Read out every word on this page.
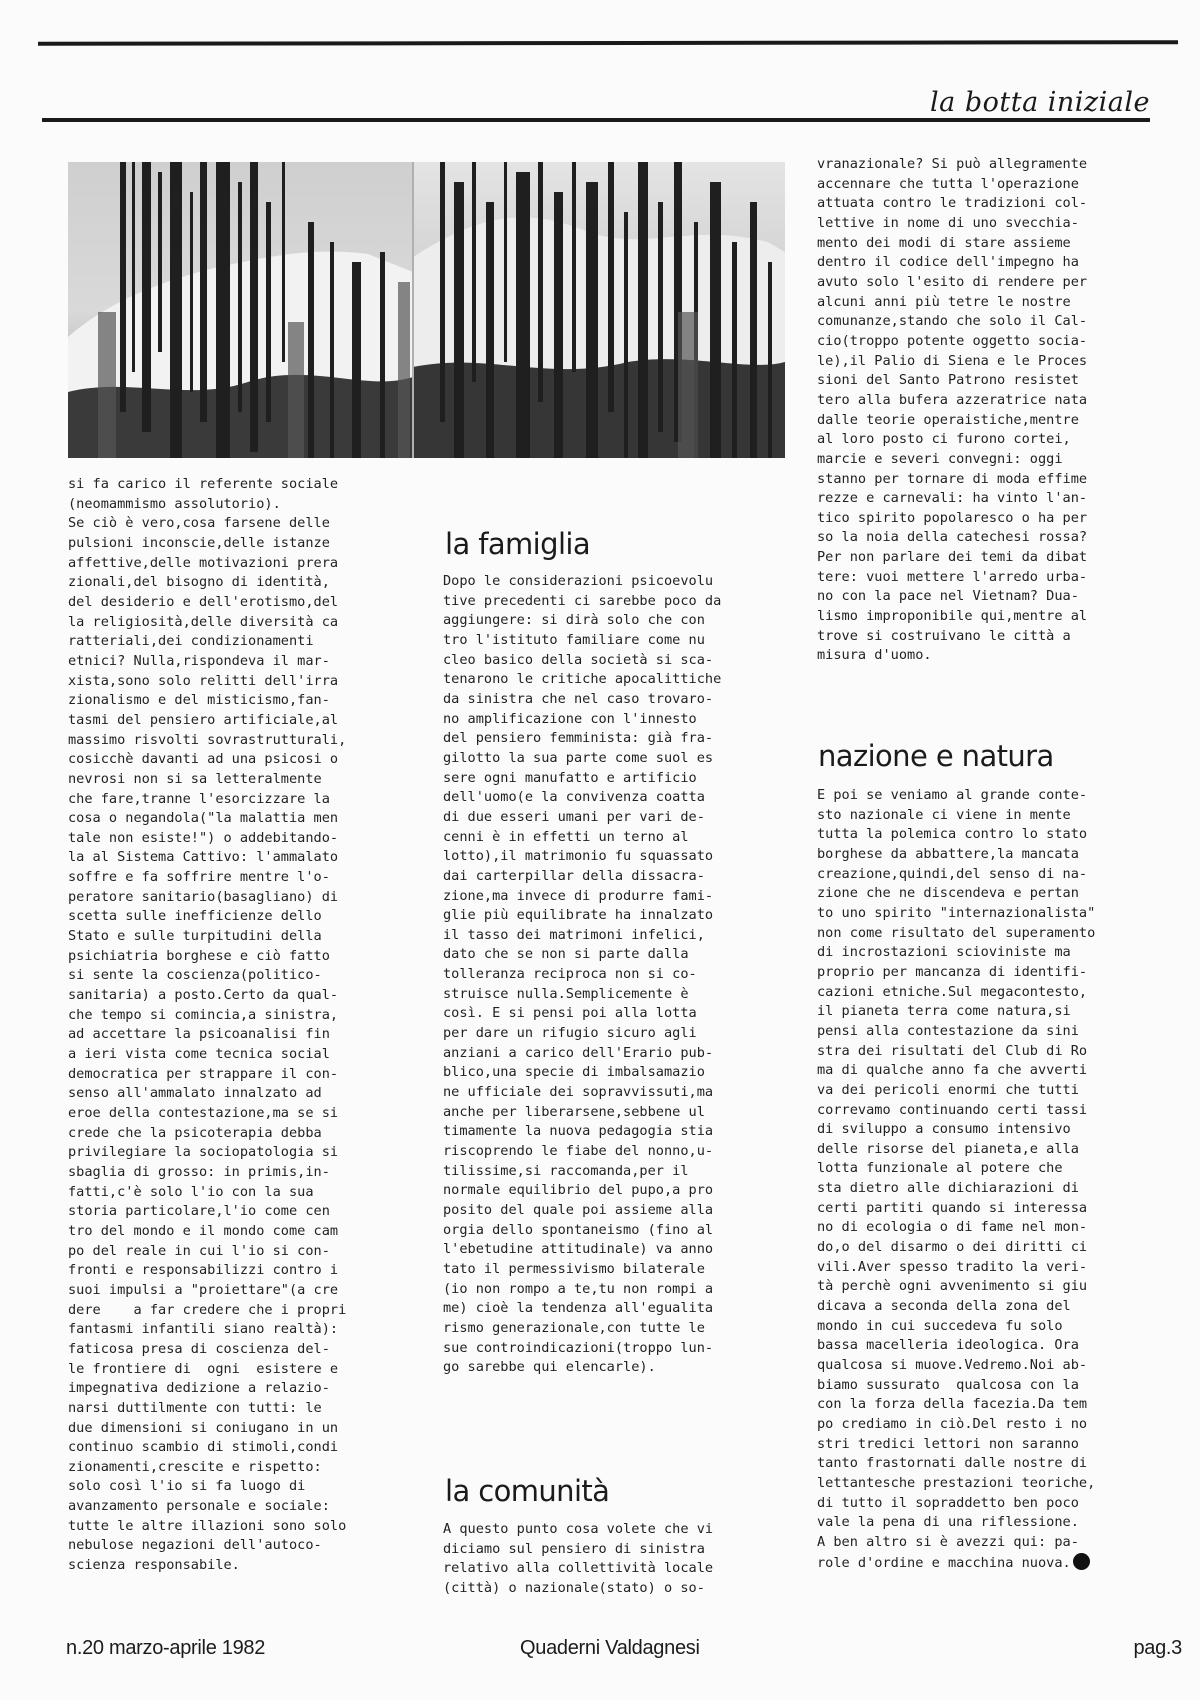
la botta iniziale
si fa carico il referente sociale
(neomammismo assolutorio).
Se ciò è vero,cosa farsene delle
pulsioni inconscie,delle istanze
affettive,delle motivazioni prera
zionali,del bisogno di identità,
del desiderio e dell'erotismo,del
la religiosità,delle diversità ca
ratteriali,dei condizionamenti
etnici? Nulla,rispondeva il mar-
xista,sono solo relitti dell'irra
zionalismo e del misticismo,fan-
tasmi del pensiero artificiale,al
massimo risvolti sovrastrutturali,
cosicchè davanti ad una psicosi o
nevrosi non si sa letteralmente
che fare,tranne l'esorcizzare la
cosa o negandola("la malattia men
tale non esiste!") o addebitando-
la al Sistema Cattivo: l'ammalato
soffre e fa soffrire mentre l'o-
peratore sanitario(basagliano) di
scetta sulle inefficienze dello
Stato e sulle turpitudini della
psichiatria borghese e ciò fatto
si sente la coscienza(politico-
sanitaria) a posto.Certo da qual-
che tempo si comincia,a sinistra,
ad accettare la psicoanalisi fin
a ieri vista come tecnica social
democratica per strappare il con-
senso all'ammalato innalzato ad
eroe della contestazione,ma se si
crede che la psicoterapia debba
privilegiare la sociopatologia si
sbaglia di grosso: in primis,in-
fatti,c'è solo l'io con la sua
storia particolare,l'io come cen
tro del mondo e il mondo come cam
po del reale in cui l'io si con-
fronti e responsabilizzi contro i
suoi impulsi a "proiettare"(a cre
dere    a far credere che i propri
fantasmi infantili siano realtà):
faticosa presa di coscienza del-
le frontiere di  ogni  esistere e
impegnativa dedizione a relazio-
narsi duttilmente con tutti: le
due dimensioni si coniugano in un
continuo scambio di stimoli,condi
zionamenti,crescite e rispetto:
solo così l'io si fa luogo di
avanzamento personale e sociale:
tutte le altre illazioni sono solo
nebulose negazioni dell'autoco-
scienza responsabile.
la famiglia
Dopo le considerazioni psicoevolu
tive precedenti ci sarebbe poco da
aggiungere: si dirà solo che con
tro l'istituto familiare come nu
cleo basico della società si sca-
tenarono le critiche apocalittiche
da sinistra che nel caso trovaro-
no amplificazione con l'innesto
del pensiero femminista: già fra-
gilotto la sua parte come suol es
sere ogni manufatto e artificio
dell'uomo(e la convivenza coatta
di due esseri umani per vari de-
cenni è in effetti un terno al
lotto),il matrimonio fu squassato
dai carterpillar della dissacra-
zione,ma invece di produrre fami-
glie più equilibrate ha innalzato
il tasso dei matrimoni infelici,
dato che se non si parte dalla
tolleranza reciproca non si co-
struisce nulla.Semplicemente è
così. E si pensi poi alla lotta
per dare un rifugio sicuro agli
anziani a carico dell'Erario pub-
blico,una specie di imbalsamazio
ne ufficiale dei sopravvissuti,ma
anche per liberarsene,sebbene ul
timamente la nuova pedagogia stia
riscoprendo le fiabe del nonno,u-
tilissime,si raccomanda,per il
normale equilibrio del pupo,a pro
posito del quale poi assieme alla
orgia dello spontaneismo (fino al
l'ebetudine attitudinale) va anno
tato il permessivismo bilaterale
(io non rompo a te,tu non rompi a
me) cioè la tendenza all'egualita
rismo generazionale,con tutte le
sue controindicazioni(troppo lun-
go sarebbe qui elencarle).
la comunità
A questo punto cosa volete che vi
diciamo sul pensiero di sinistra
relativo alla collettività locale
(città) o nazionale(stato) o so-
vranazionale? Si può allegramente
accennare che tutta l'operazione
attuata contro le tradizioni col-
lettive in nome di uno svecchia-
mento dei modi di stare assieme
dentro il codice dell'impegno ha
avuto solo l'esito di rendere per
alcuni anni più tetre le nostre
comunanze,stando che solo il Cal-
cio(troppo potente oggetto socia-
le),il Palio di Siena e le Proces
sioni del Santo Patrono resistet
tero alla bufera azzeratrice nata
dalle teorie operaistiche,mentre
al loro posto ci furono cortei,
marcie e severi convegni: oggi
stanno per tornare di moda effime
rezze e carnevali: ha vinto l'an-
tico spirito popolaresco o ha per
so la noia della catechesi rossa?
Per non parlare dei temi da dibat
tere: vuoi mettere l'arredo urba-
no con la pace nel Vietnam? Dua-
lismo improponibile qui,mentre al
trove si costruivano le città a
misura d'uomo.
nazione e natura
E poi se veniamo al grande conte-
sto nazionale ci viene in mente
tutta la polemica contro lo stato
borghese da abbattere,la mancata
creazione,quindi,del senso di na-
zione che ne discendeva e pertan
to uno spirito "internazionalista"
non come risultato del superamento
di incrostazioni sciovinistе ma
proprio per mancanza di identifi-
cazioni etniche.Sul megacontesto,
il pianeta terra come natura,si
pensi alla contestazione da sini
stra dei risultati del Club di Ro
ma di qualche anno fa che avverti
va dei pericoli enormi che tutti
correvamo continuando certi tassi
di sviluppo a consumo intensivo
delle risorse del pianeta,e alla
lotta funzionale al potere che
sta dietro alle dichiarazioni di
certi partiti quando si interessa
no di ecologia o di fame nel mon-
do,o del disarmo o dei diritti ci
vili.Aver spesso tradito la veri-
tà perchè ogni avvenimento si giu
dicava a seconda della zona del
mondo in cui succedeva fu solo
bassa macelleria ideologica. Ora
qualcosa si muove.Vedremo.Noi ab-
biamo sussurato  qualcosa con la
con la forza della facezia.Da tem
po crediamo in ciò.Del resto i no
stri tredici lettori non saranno
tanto frastornati dalle nostre di
lettantesche prestazioni teoriche,
di tutto il sopraddetto ben poco
vale la pena di una riflessione.
A ben altro si è avezzi qui: pa-
role d'ordine e macchina nuova.
n.20 marzo-aprile 1982	Quaderni Valdagnesi	pag.3
